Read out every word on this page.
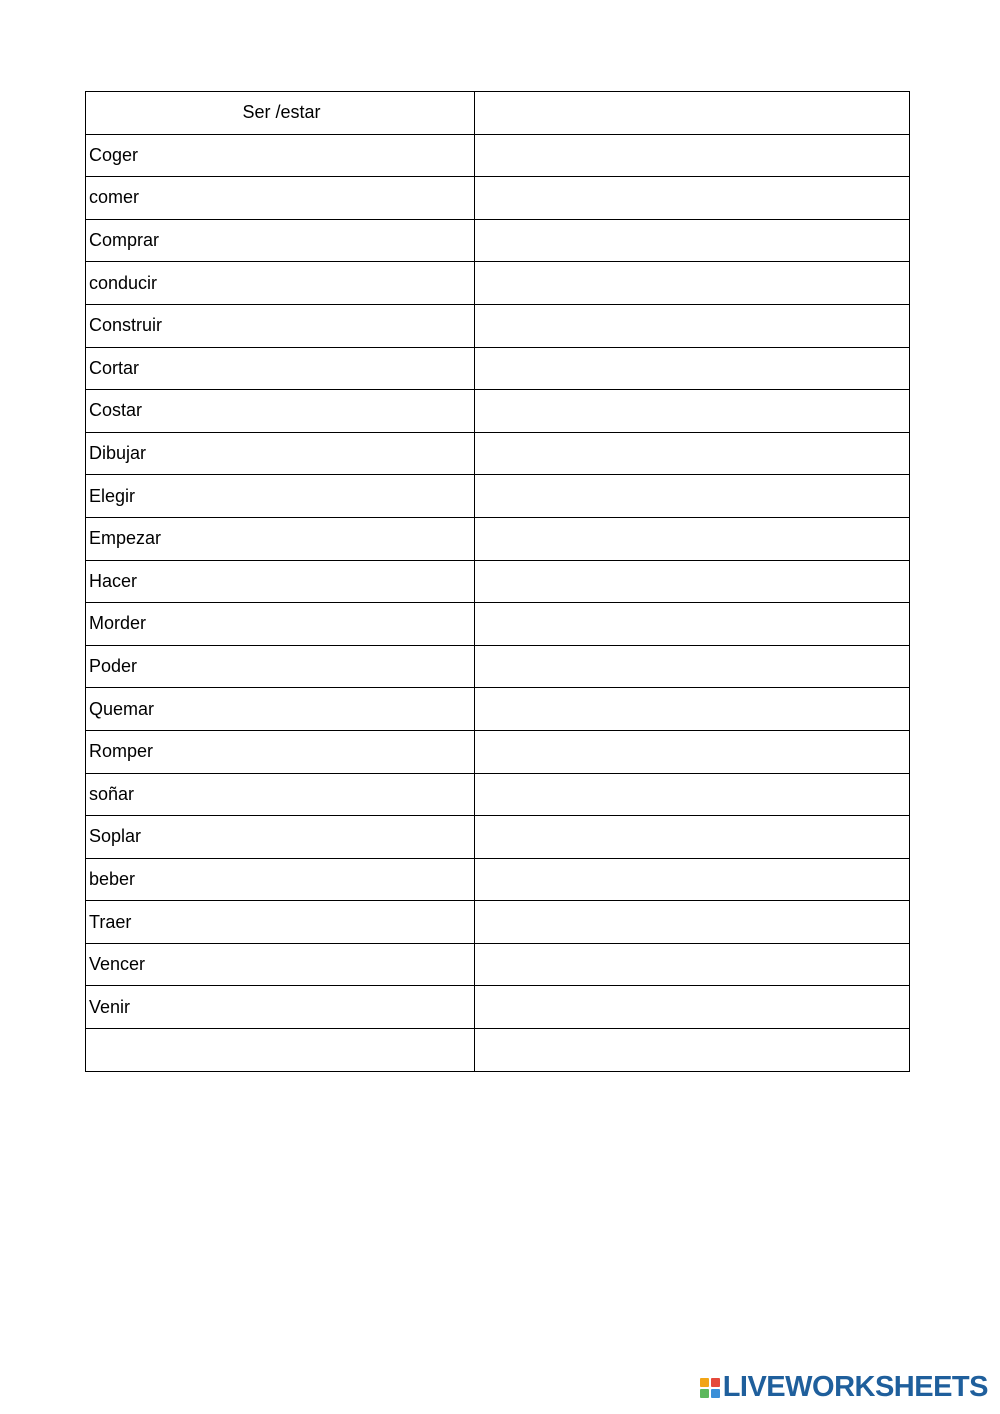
Ser /estar	
Coger	
comer	
Comprar	
conducir	
Construir	
Cortar	
Costar	
Dibujar	
Elegir	
Empezar	
Hacer	
Morder	
Poder	
Quemar	
Romper	
soñar	
Soplar	
beber	
Traer	
Vencer	
Venir	

LIVEWORKSHEETS
